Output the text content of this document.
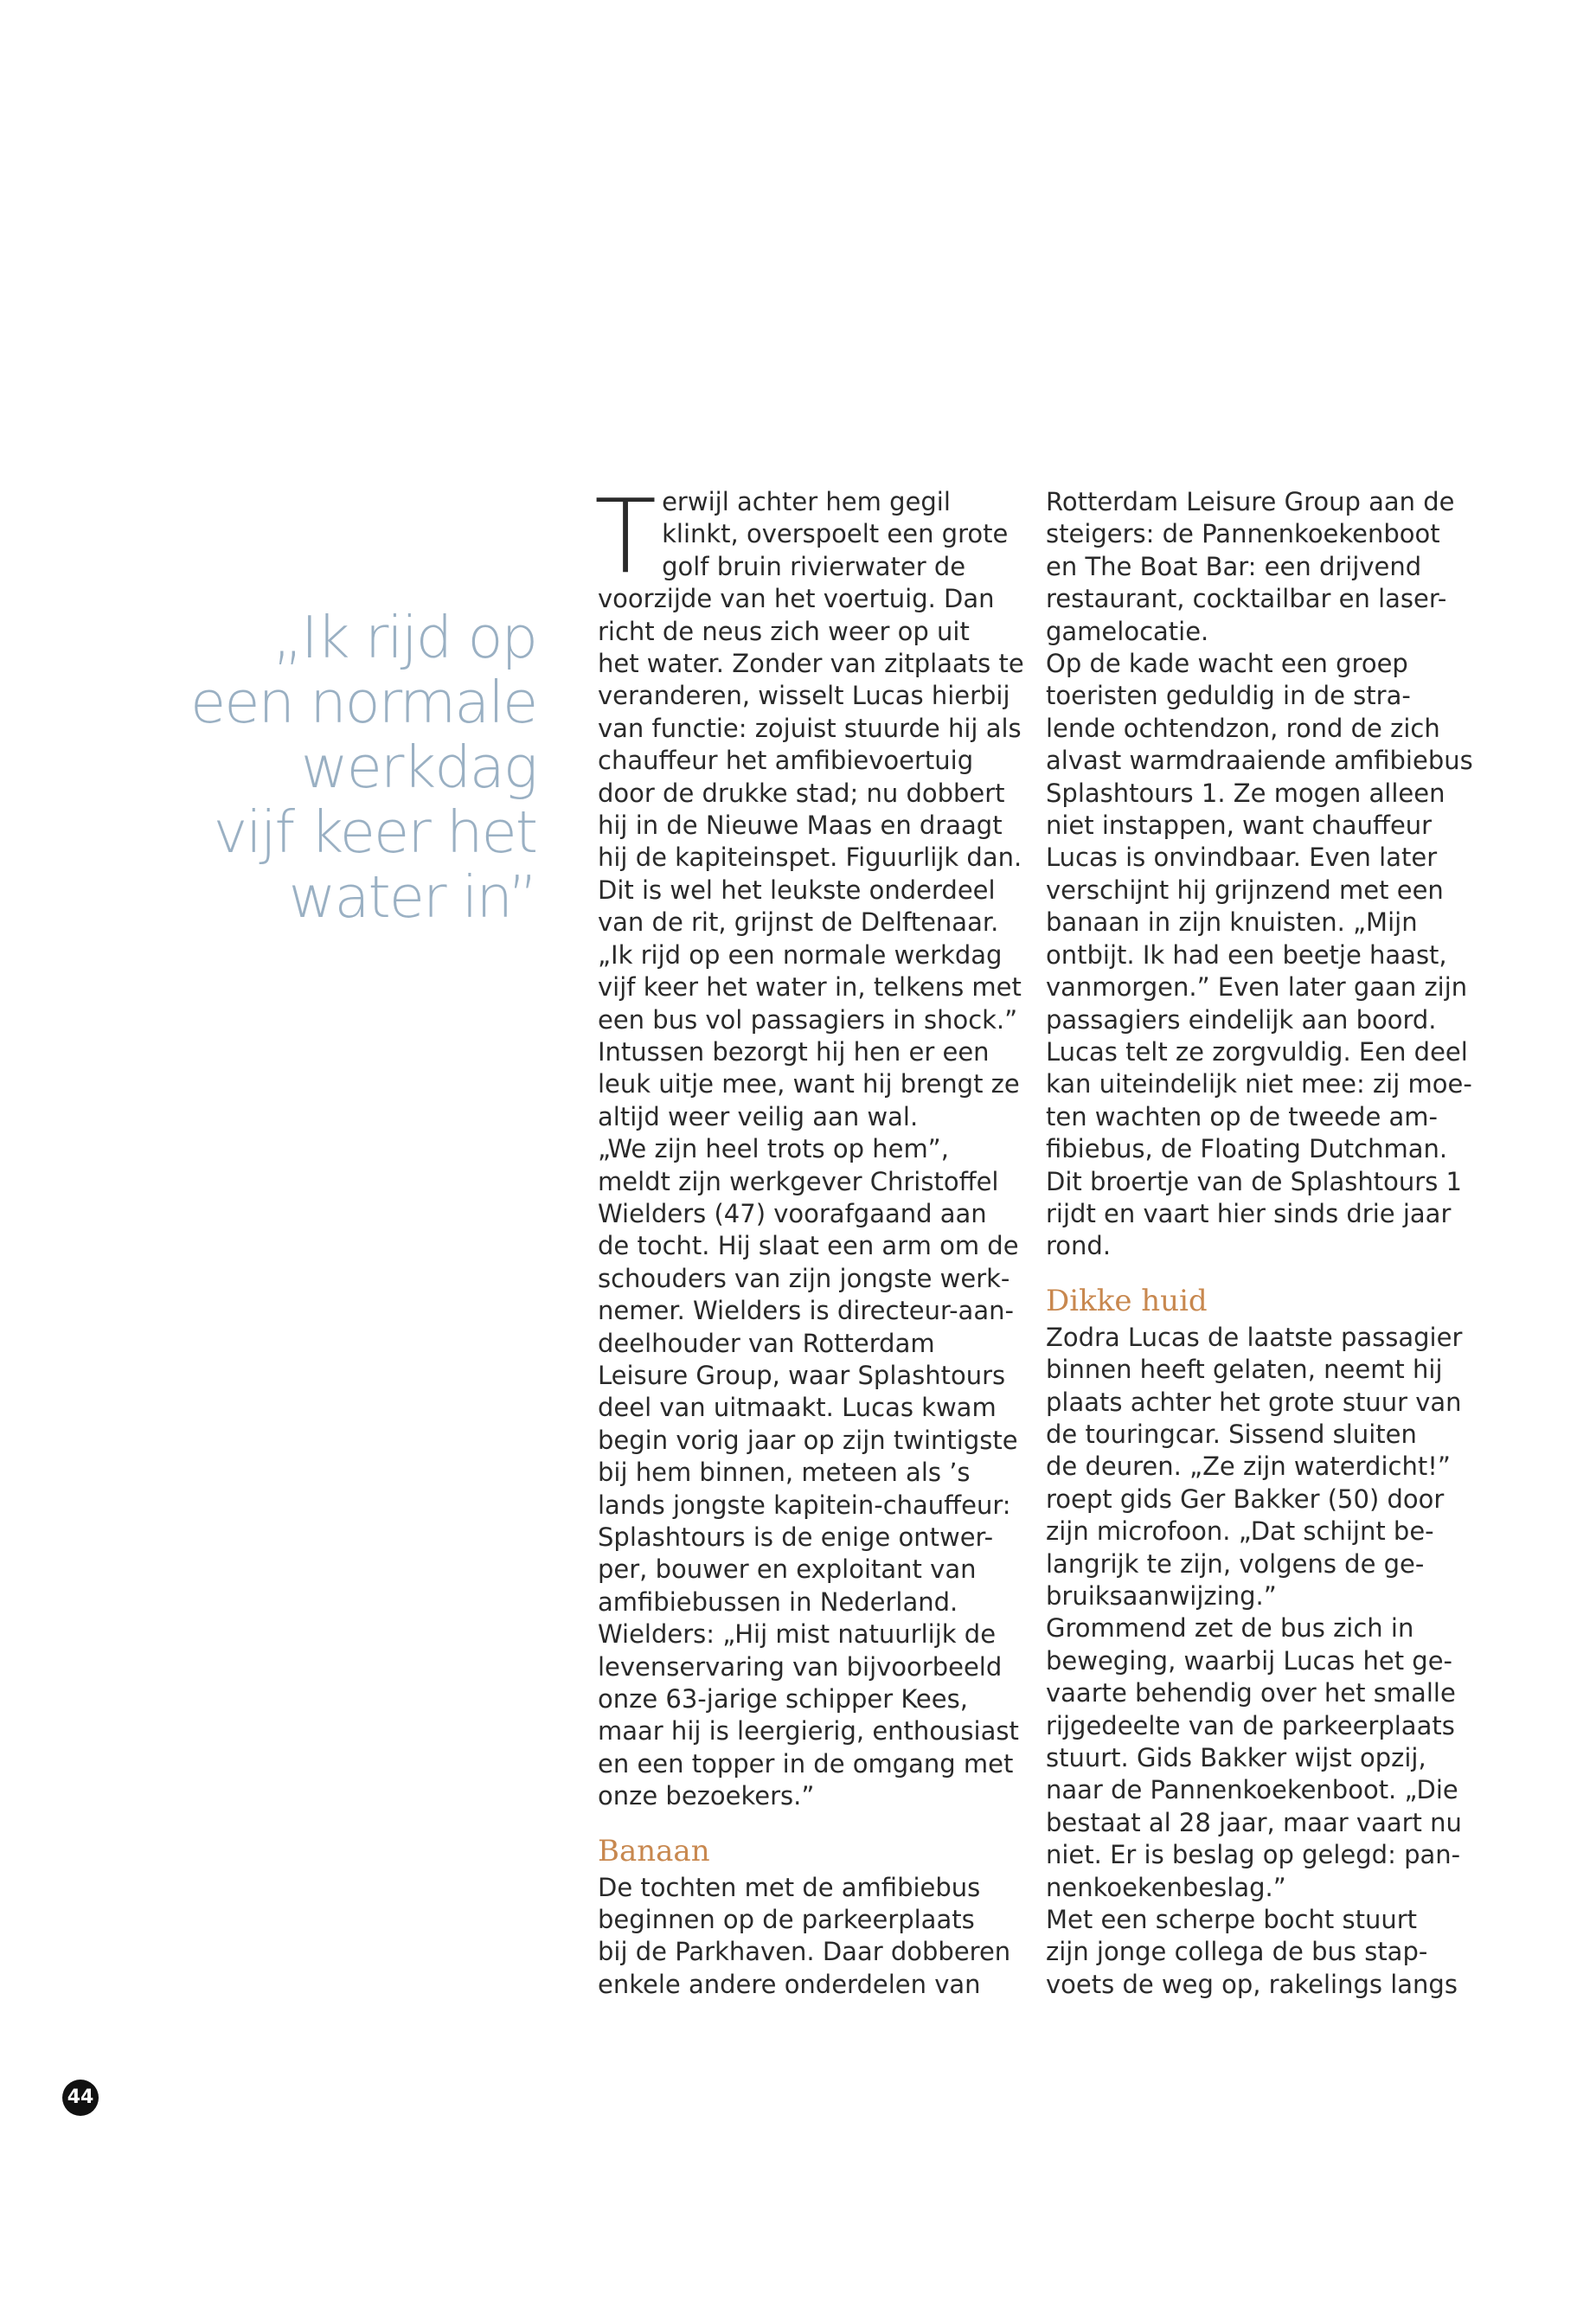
„Ik rijd op
een normale
werkdag
vijf keer het
water in”
T erwijl achter hem gegil
klinkt, overspoelt een grote
golf bruin rivierwater de
voorzijde van het voertuig. Dan
richt de neus zich weer op uit
het water. Zonder van zitplaats te
veranderen, wisselt Lucas hierbij
van functie: zojuist stuurde hij als
chauffeur het amfibievoertuig
door de drukke stad; nu dobbert
hij in de Nieuwe Maas en draagt
hij de kapiteinspet. Figuurlijk dan.
Dit is wel het leukste onderdeel
van de rit, grijnst de Delftenaar.
„Ik rijd op een normale werkdag
vijf keer het water in, telkens met
een bus vol passagiers in shock.”
Intussen bezorgt hij hen er een
leuk uitje mee, want hij brengt ze
altijd weer veilig aan wal.
„We zijn heel trots op hem”,
meldt zijn werkgever Christoffel
Wielders (47) voorafgaand aan
de tocht. Hij slaat een arm om de
schouders van zijn jongste werk-
nemer. Wielders is directeur-aan-
deelhouder van Rotterdam
Leisure Group, waar Splashtours
deel van uitmaakt. Lucas kwam
begin vorig jaar op zijn twintigste
bij hem binnen, meteen als ’s
lands jongste kapitein-chauffeur:
Splashtours is de enige ontwer-
per, bouwer en exploitant van
amfibiebussen in Nederland.
Wielders: „Hij mist natuurlijk de
levenservaring van bijvoorbeeld
onze 63-jarige schipper Kees,
maar hij is leergierig, enthousiast
en een topper in de omgang met
onze bezoekers.”
Banaan
De tochten met de amfibiebus
beginnen op de parkeerplaats
bij de Parkhaven. Daar dobberen
enkele andere onderdelen van
Rotterdam Leisure Group aan de
steigers: de Pannenkoekenboot
en The Boat Bar: een drijvend
restaurant, cocktailbar en laser-
gamelocatie.
Op de kade wacht een groep
toeristen geduldig in de stra-
lende ochtendzon, rond de zich
alvast warmdraaiende amfibiebus
Splashtours 1. Ze mogen alleen
niet instappen, want chauffeur
Lucas is onvindbaar. Even later
verschijnt hij grijnzend met een
banaan in zijn knuisten. „Mijn
ontbijt. Ik had een beetje haast,
vanmorgen.” Even later gaan zijn
passagiers eindelijk aan boord.
Lucas telt ze zorgvuldig. Een deel
kan uiteindelijk niet mee: zij moe-
ten wachten op de tweede am-
fibiebus, de Floating Dutchman.
Dit broertje van de Splashtours 1
rijdt en vaart hier sinds drie jaar
rond.
Dikke huid
Zodra Lucas de laatste passagier
binnen heeft gelaten, neemt hij
plaats achter het grote stuur van
de touringcar. Sissend sluiten
de deuren. „Ze zijn waterdicht!”
roept gids Ger Bakker (50) door
zijn microfoon. „Dat schijnt be-
langrijk te zijn, volgens de ge-
bruiksaanwijzing.”
Grommend zet de bus zich in
beweging, waarbij Lucas het ge-
vaarte behendig over het smalle
rijgedeelte van de parkeerplaats
stuurt. Gids Bakker wijst opzij,
naar de Pannenkoekenboot. „Die
bestaat al 28 jaar, maar vaart nu
niet. Er is beslag op gelegd: pan-
nenkoekenbeslag.”
Met een scherpe bocht stuurt
zijn jonge collega de bus stap-
voets de weg op, rakelings langs
44
